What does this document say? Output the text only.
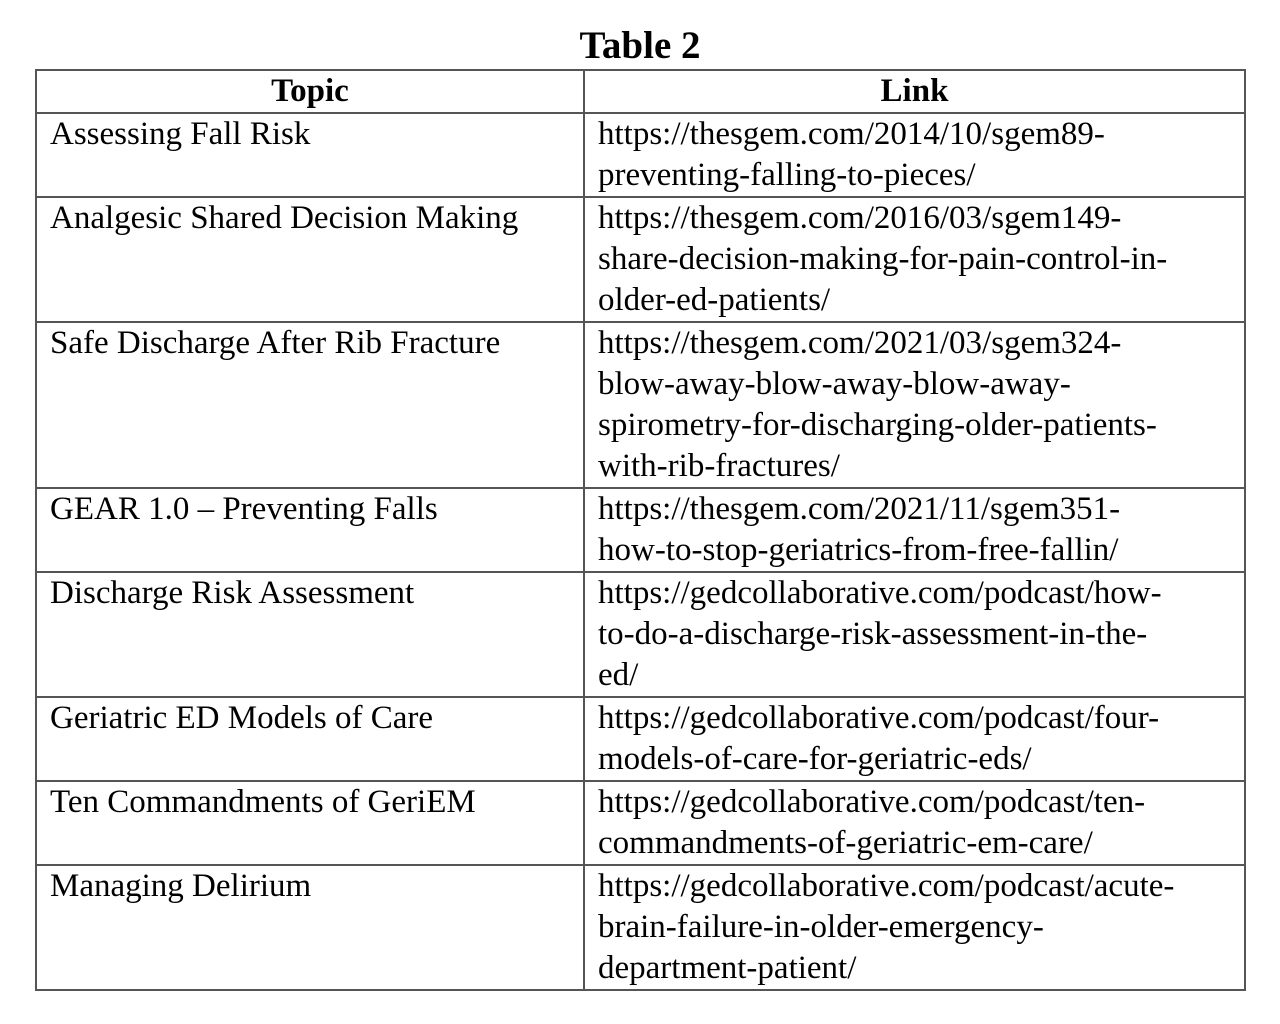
Table 2
Topic	Link
Assessing Fall Risk	https://thesgem.com/2014/10/sgem89-
preventing-falling-to-pieces/

Analgesic Shared Decision Making	https://thesgem.com/2016/03/sgem149-
share-decision-making-for-pain-control-in-
older-ed-patients/

Safe Discharge After Rib Fracture	https://thesgem.com/2021/03/sgem324-
blow-away-blow-away-blow-away-
spirometry-for-discharging-older-patients-
with-rib-fractures/

GEAR 1.0 – Preventing Falls	https://thesgem.com/2021/11/sgem351-
how-to-stop-geriatrics-from-free-fallin/

Discharge Risk Assessment	https://gedcollaborative.com/podcast/how-
to-do-a-discharge-risk-assessment-in-the-
ed/

Geriatric ED Models of Care	https://gedcollaborative.com/podcast/four-
models-of-care-for-geriatric-eds/

Ten Commandments of GeriEM	https://gedcollaborative.com/podcast/ten-
commandments-of-geriatric-em-care/

Managing Delirium	https://gedcollaborative.com/podcast/acute-
brain-failure-in-older-emergency-
department-patient/
